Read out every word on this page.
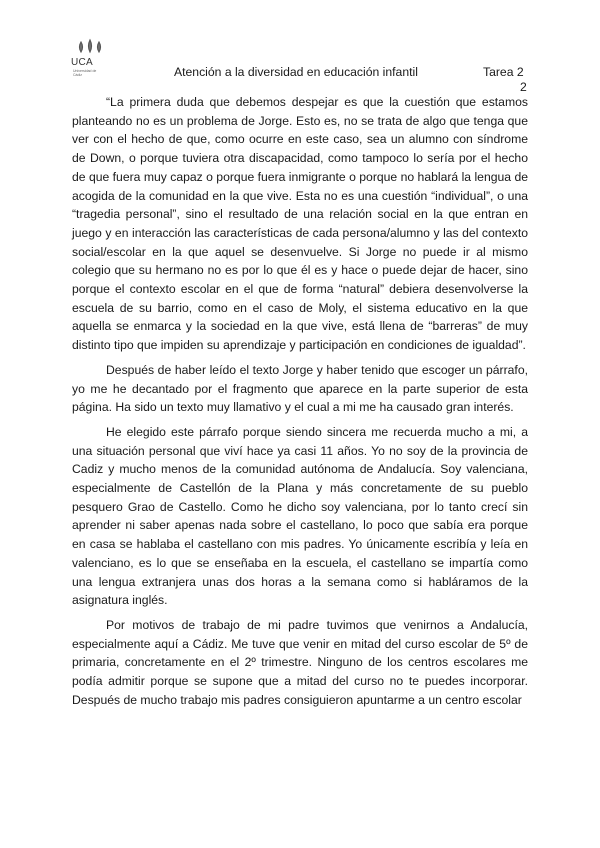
UCA
Universidad de Cádiz	Atención a la diversidad en educación infantil	Tarea 2
2

“La primera duda que debemos despejar es que la cuestión que estamos planteando no es un problema de Jorge. Esto es, no se trata de algo que tenga que ver con el hecho de que, como ocurre en este caso, sea un alumno con síndrome de Down, o porque tuviera otra discapacidad, como tampoco lo sería por el hecho de que fuera muy capaz o porque fuera inmigrante o porque no hablará la lengua de acogida de la comunidad en la que vive. Esta no es una cuestión “individual”, o una “tragedia personal”, sino el resultado de una relación social en la que entran en juego y en interacción las características de cada persona/alumno y las del contexto social/escolar en la que aquel se desenvuelve. Si Jorge no puede ir al mismo colegio que su hermano no es por lo que él es y hace o puede dejar de hacer, sino porque el contexto escolar en el que de forma “natural” debiera desenvolverse la escuela de su barrio, como en el caso de Moly, el sistema educativo en la que aquella se enmarca y la sociedad en la que vive, está llena de “barreras” de muy distinto tipo que impiden su aprendizaje y participación en condiciones de igualdad”.

Después de haber leído el texto Jorge y haber tenido que escoger un párrafo, yo me he decantado por el fragmento que aparece en la parte superior de esta página. Ha sido un texto muy llamativo y el cual a mi me ha causado gran interés.

He elegido este párrafo porque siendo sincera me recuerda mucho a mi, a una situación personal que viví hace ya casi 11 años. Yo no soy de la provincia de Cadiz y mucho menos de la comunidad autónoma de Andalucía. Soy valenciana, especialmente de Castellón de la Plana y más concretamente de su pueblo pesquero Grao de Castello. Como he dicho soy valenciana, por lo tanto crecí sin aprender ni saber apenas nada sobre el castellano, lo poco que sabía era porque en casa se hablaba el castellano con mis padres. Yo únicamente escribía y leía en valenciano, es lo que se enseñaba en la escuela, el castellano se impartía como una lengua extranjera unas dos horas a la semana como si habláramos de la asignatura inglés.

Por motivos de trabajo de mi padre tuvimos que venirnos a Andalucía, especialmente aquí a Cádiz. Me tuve que venir en mitad del curso escolar de 5º de primaria, concretamente en el 2º trimestre. Ninguno de los centros escolares me podía admitir porque se supone que a mitad del curso no te puedes incorporar. Después de mucho trabajo mis padres consiguieron apuntarme a un centro escolar
